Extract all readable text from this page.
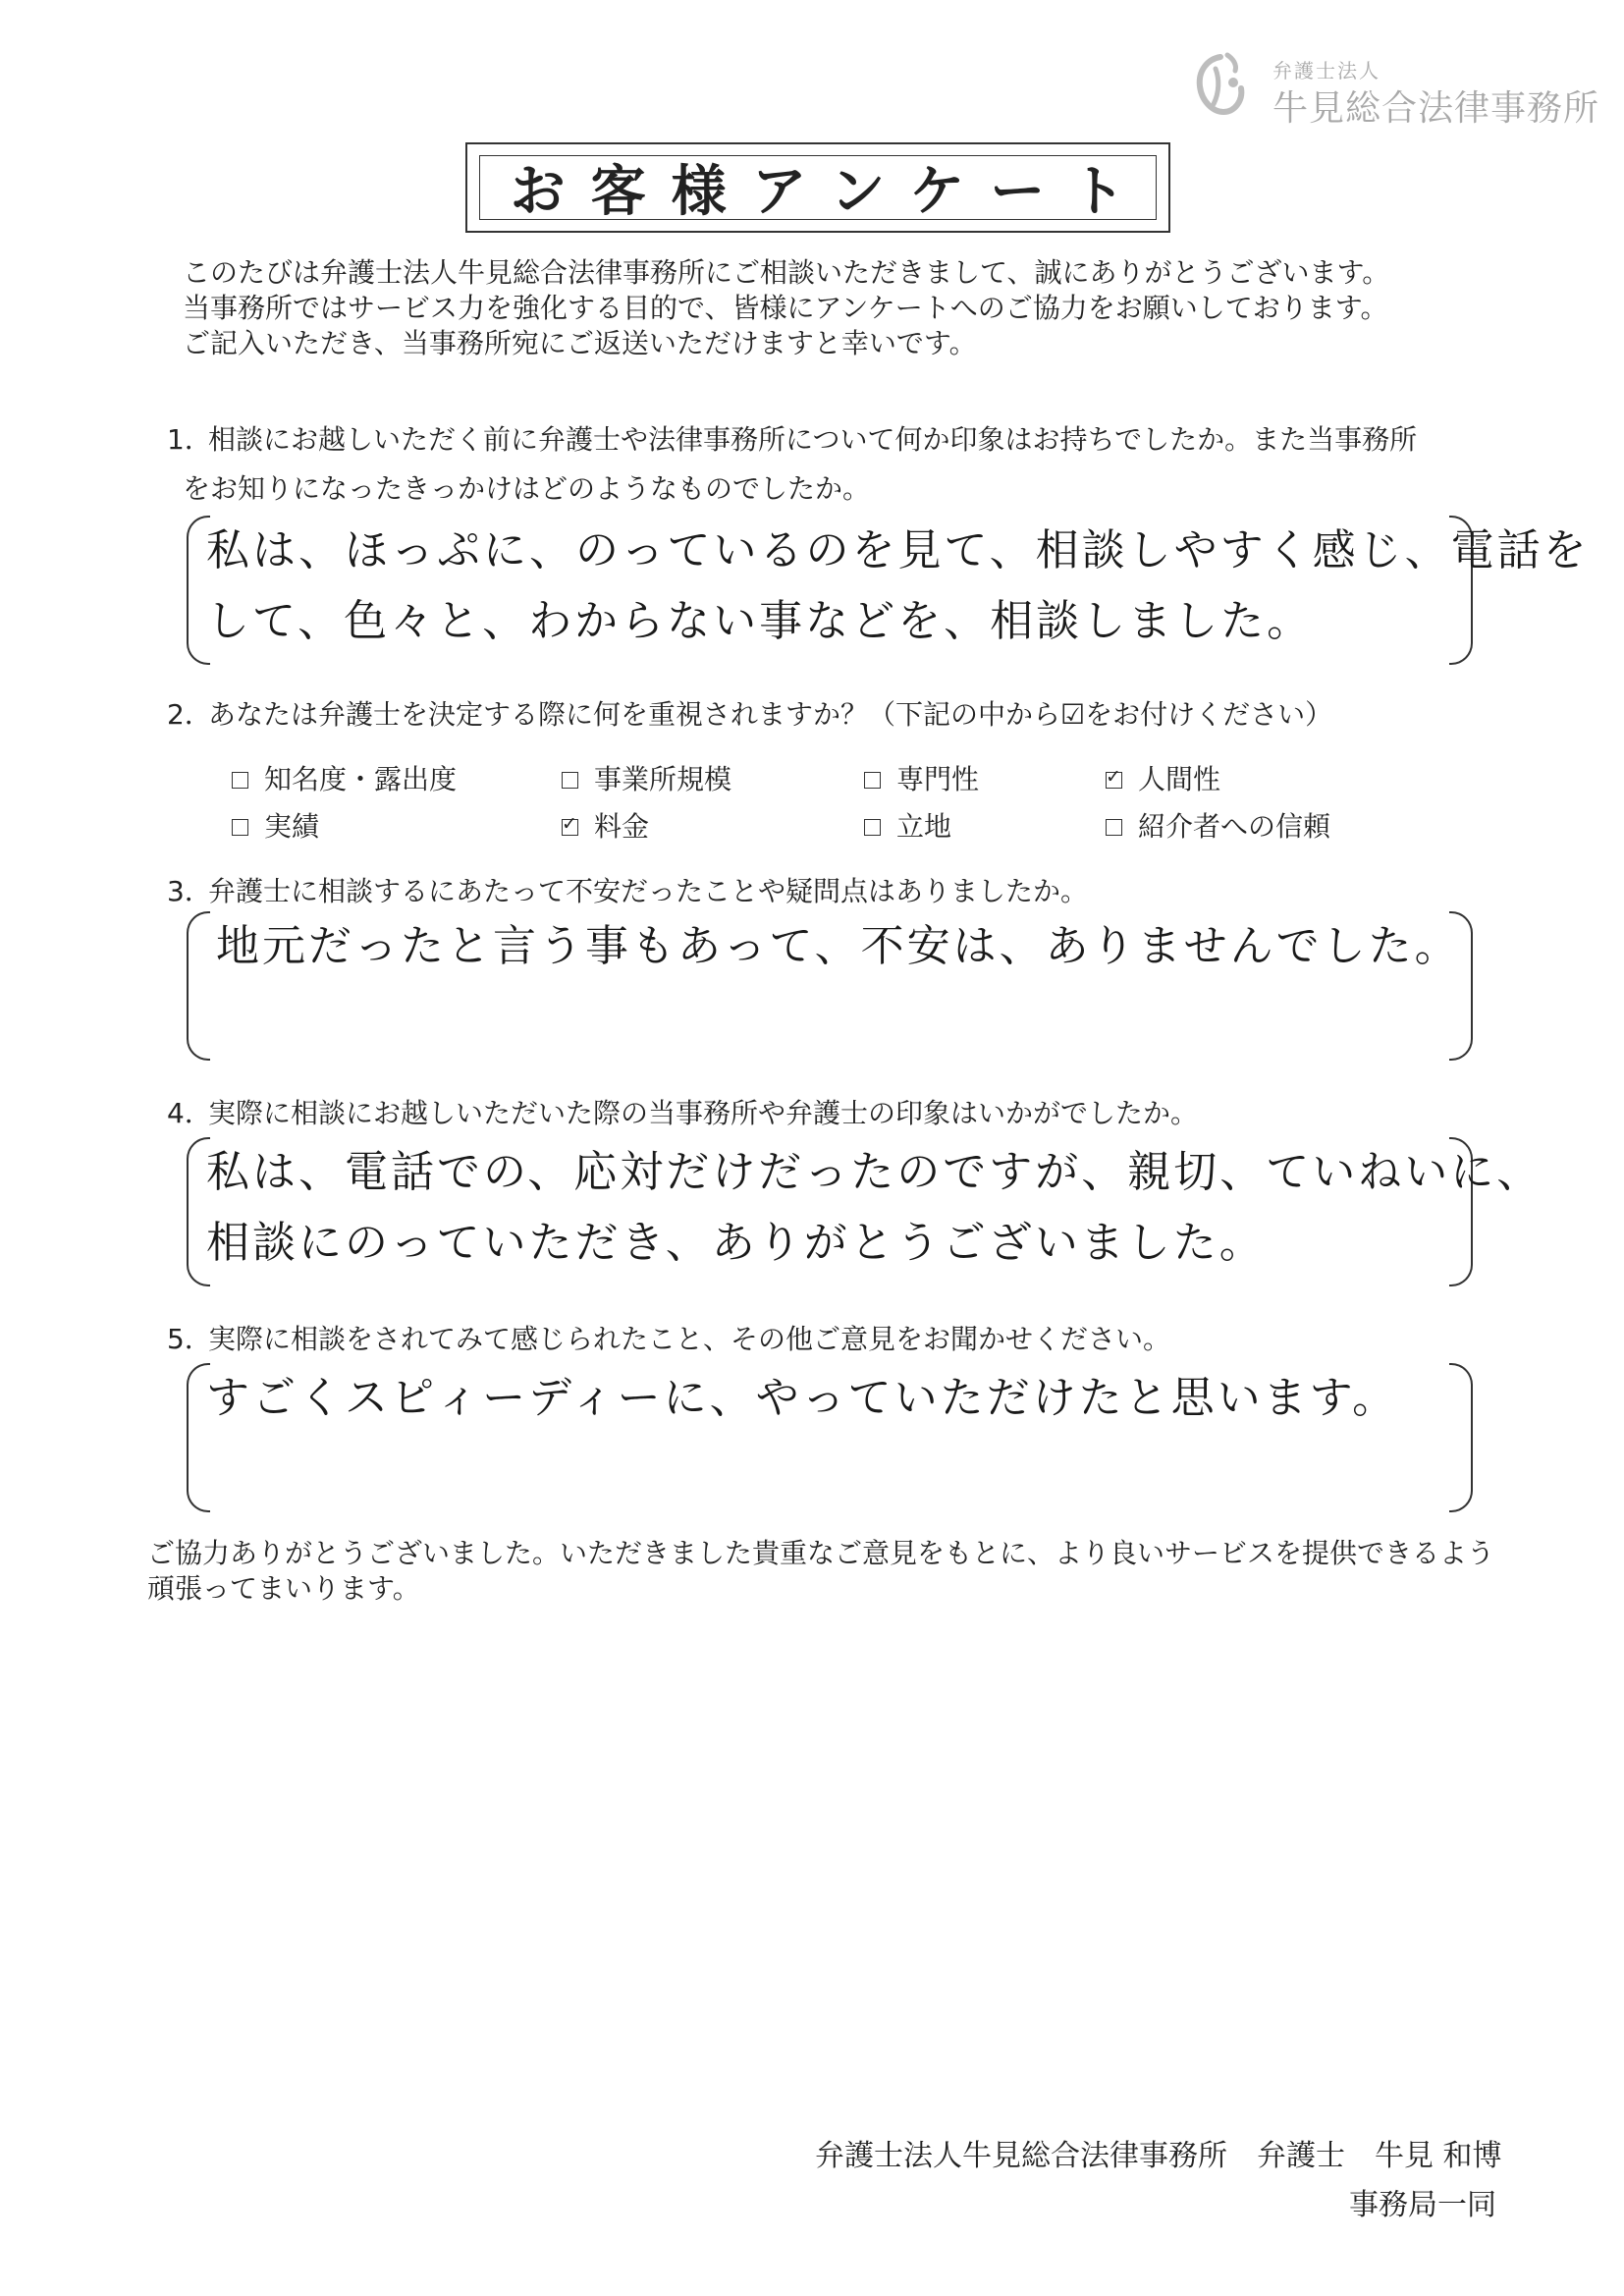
弁護士法人
牛見総合法律事務所
お客様アンケート
このたびは弁護士法人牛見総合法律事務所にご相談いただきまして、誠にありがとうございます。
当事務所ではサービス力を強化する目的で、皆様にアンケートへのご協力をお願いしております。
ご記入いただき、当事務所宛にご返送いただけますと幸いです。
1．
相談にお越しいただく前に弁護士や法律事務所について何か印象はお持ちでしたか。また当事務所
をお知りになったきっかけはどのようなものでしたか。
私は、ほっぷに、のっているのを見て、相談しやすく感じ、電話を
して、色々と、わからない事などを、相談しました。
2．
あなたは弁護士を決定する際に何を重視されますか？（下記の中から☑をお付けください）
知名度・露出度	事業所規模	専門性	✓ 人間性
実績	✓ 料金	立地	紹介者への信頼
3．
弁護士に相談するにあたって不安だったことや疑問点はありましたか。
地元だったと言う事もあって、不安は、ありませんでした。
4．
実際に相談にお越しいただいた際の当事務所や弁護士の印象はいかがでしたか。
私は、電話での、応対だけだったのですが、親切、ていねいに、
相談にのっていただき、ありがとうございました。
5．
実際に相談をされてみて感じられたこと、その他ご意見をお聞かせください。
すごくスピィーディーに、やっていただけたと思います。
ご協力ありがとうございました。いただきました貴重なご意見をもとに、より良いサービスを提供できるよう
頑張ってまいります。
弁護士法人牛見総合法律事務所　弁護士　牛見 和博
事務局一同
